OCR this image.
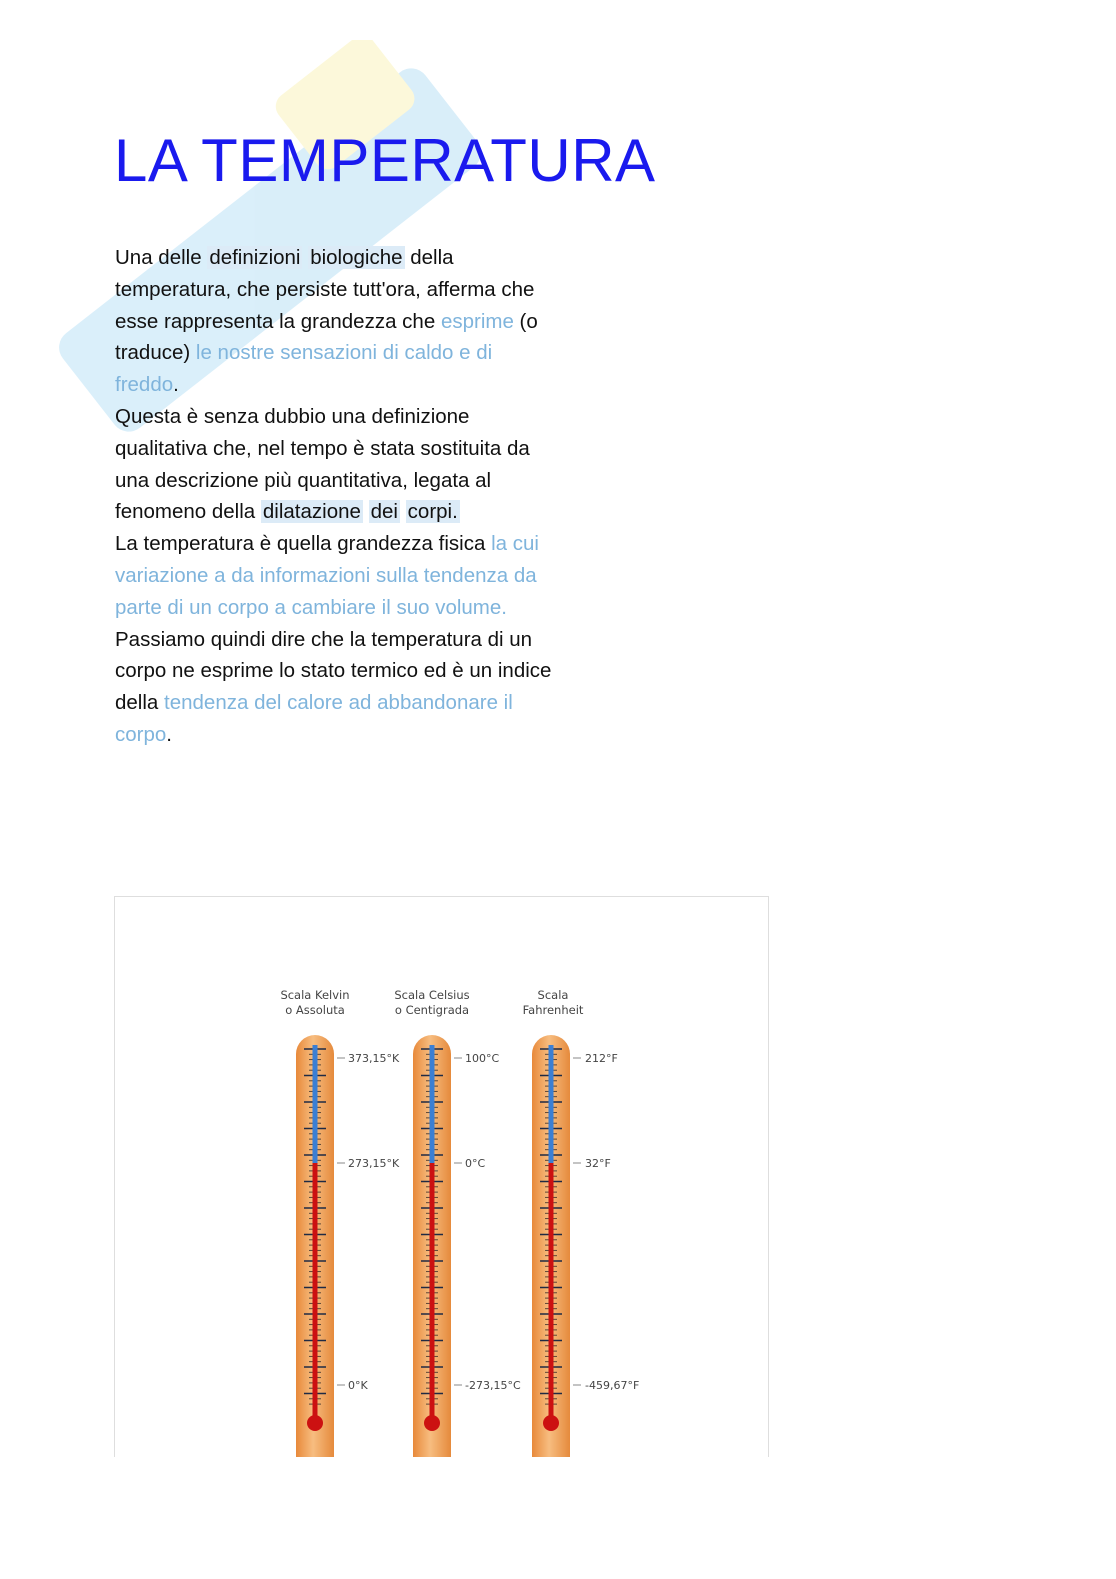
LA TEMPERATURA

Una delle definizioni biologiche della temperatura, che persiste tutt'ora, afferma che esse rappresenta la grandezza che esprime (o traduce) le nostre sensazioni di caldo e di freddo.
Questa è senza dubbio una definizione qualitativa che, nel tempo è stata sostituita da una descrizione più quantitativa, legata al fenomeno della dilatazione dei corpi.
La temperatura è quella grandezza fisica la cui variazione a da informazioni sulla tendenza da parte di un corpo a cambiare il suo volume.
Passiamo quindi dire che la temperatura di un corpo ne esprime lo stato termico ed è un indice della tendenza del calore ad abbandonare il corpo.

Scala Kelvin
o Assoluta
373,15°K
273,15°K
0°K
Scala Celsius
o Centigrada
100°C
0°C
-273,15°C
Scala
Fahrenheit
212°F
32°F
-459,67°F
